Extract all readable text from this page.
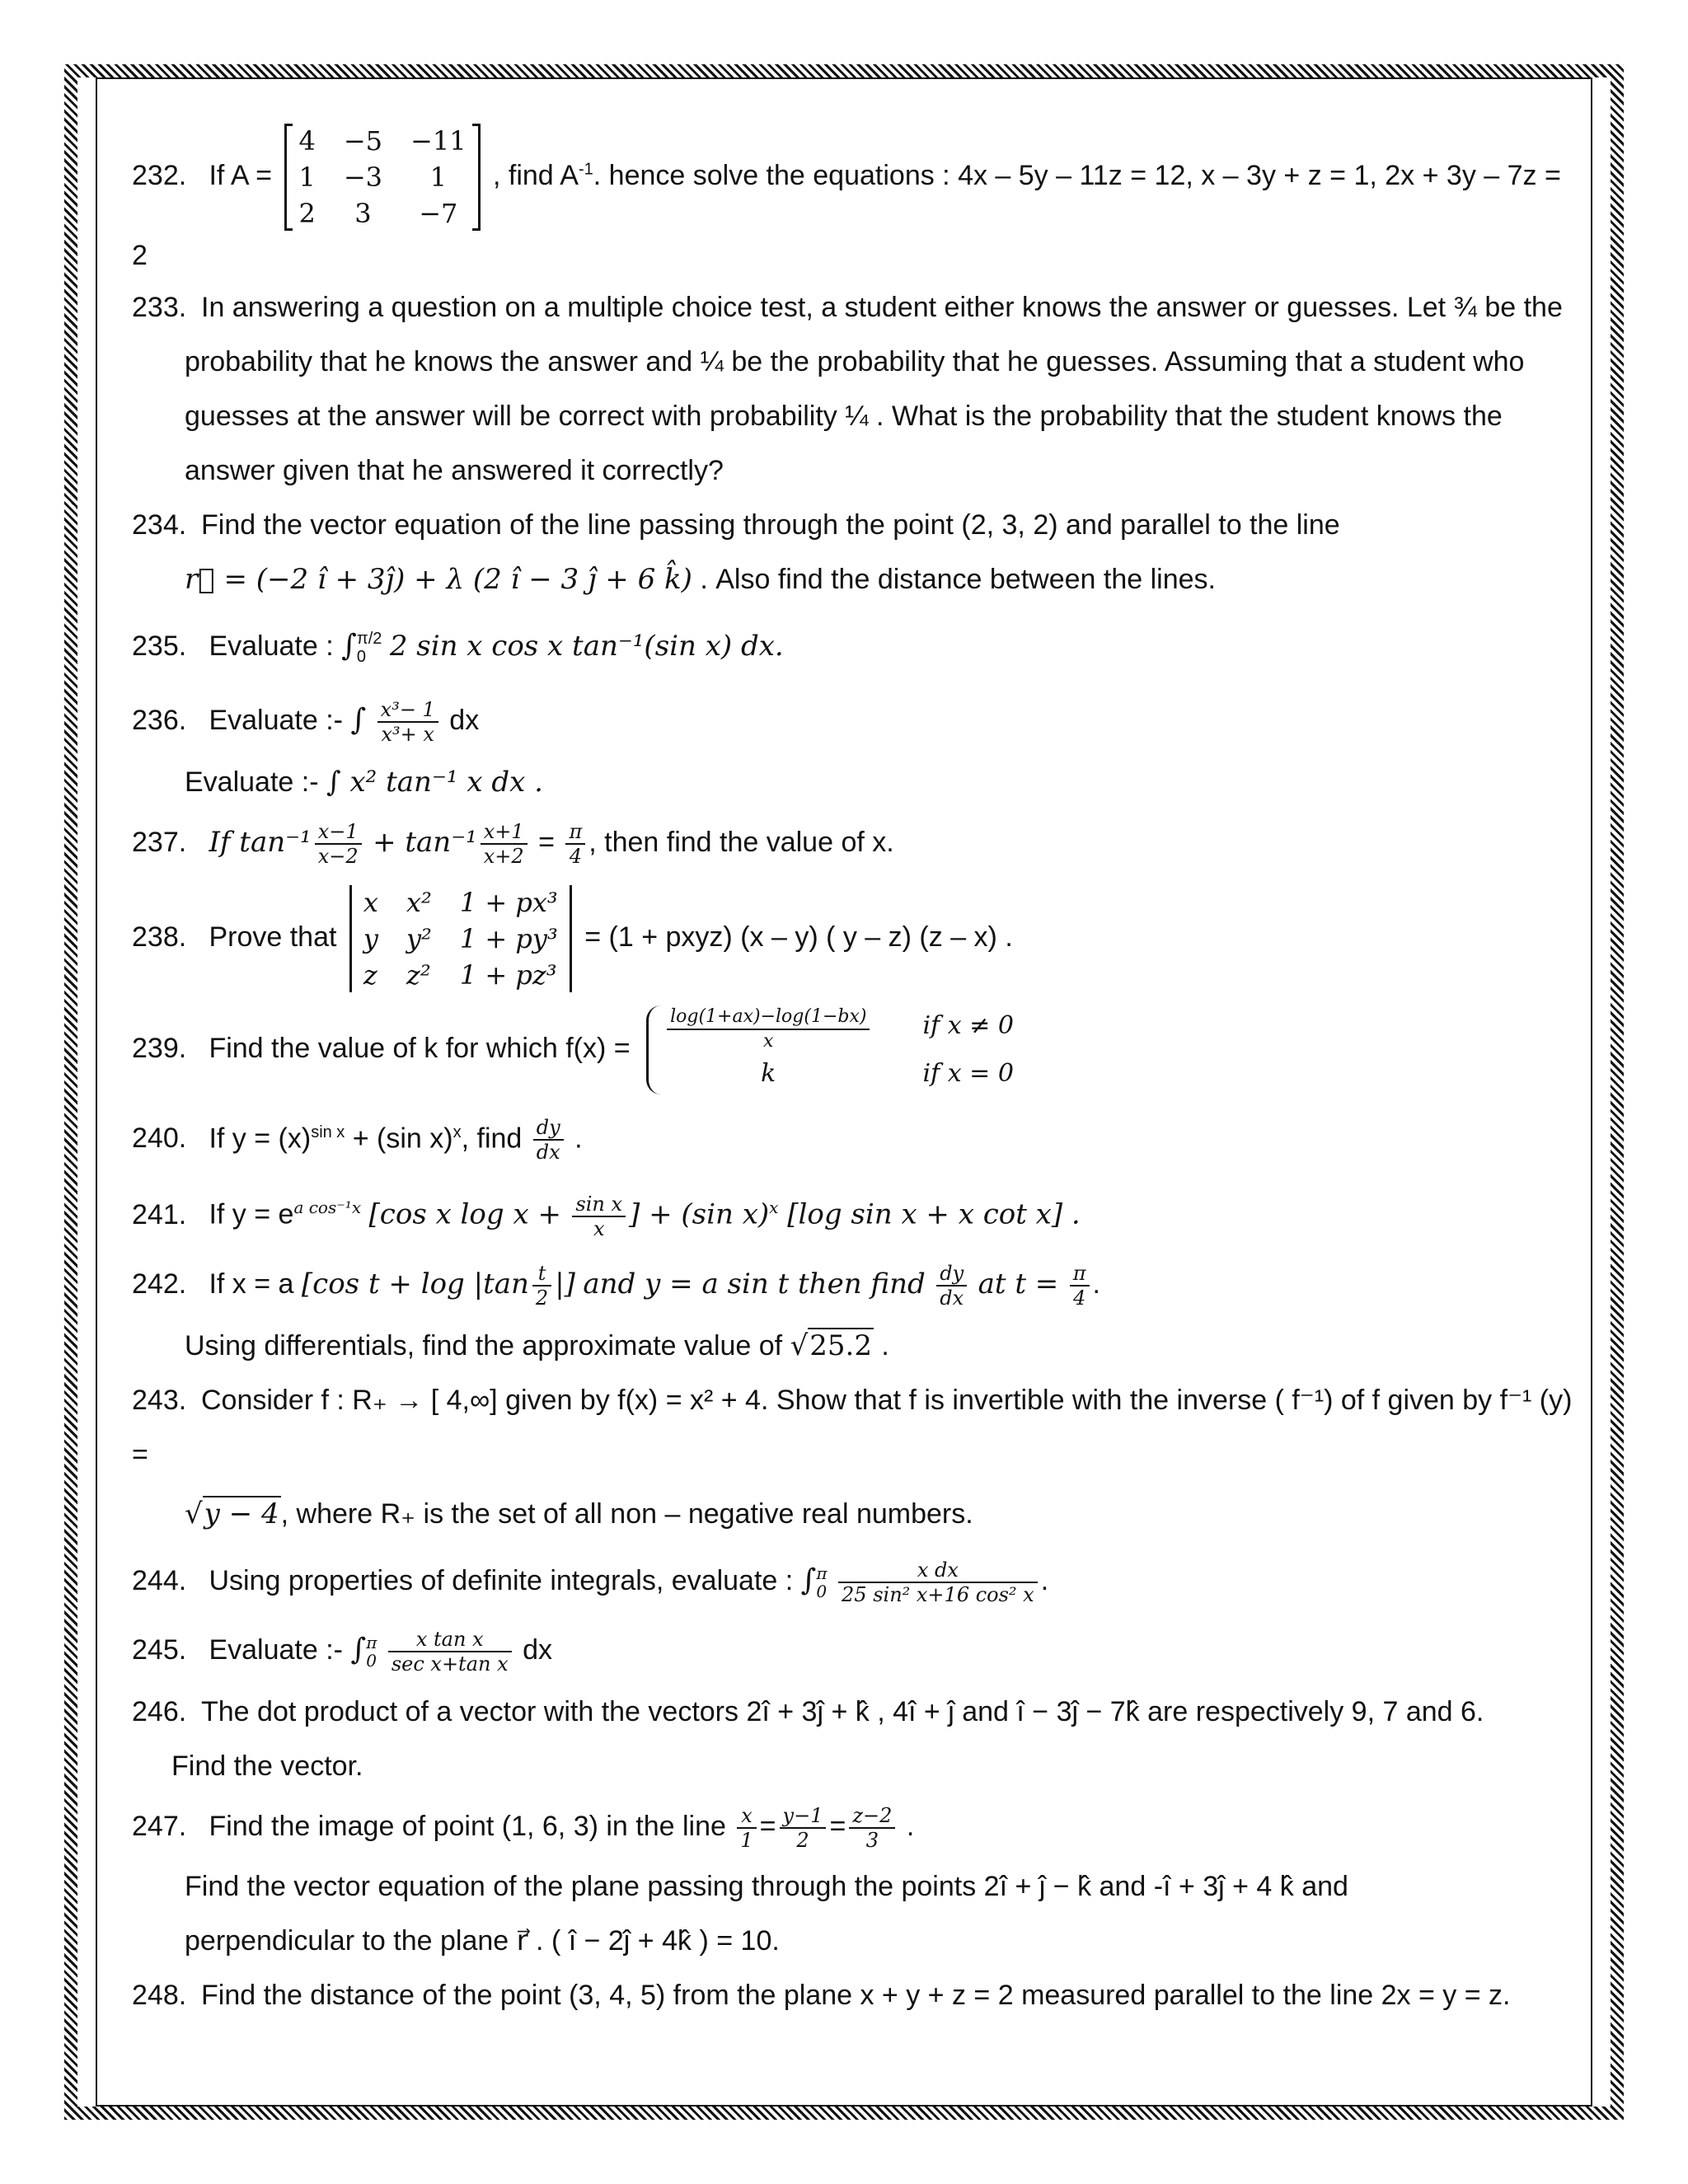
232. If A =
4 −5 −11
1 −3	1
2	3	−7
, find $A^{-1}$. hence solve the equations : 4x – 5y – 11z = 12, x – 3y + z = 1, 2x + 3y – 7z = 2
233. In answering a question on a multiple choice test, a student either knows the answer or guesses. Let ¾ be the
probability that he knows the answer and ¼ be the probability that he guesses. Assuming that a student who
guesses at the answer will be correct with probability ¼ . What is the probability that the student knows the
answer given that he answered it correctly?
234. Find the vector equation of the line passing through the point (2, 3, 2) and parallel to the line
r⃗ = (−2 î + 3ĵ) + λ (2 î − 3 ĵ + 6 k̂) . Also find the distance between the lines.
235. Evaluate : ∫π/2
0 2 sin x cos x tan⁻¹(sin x) dx.
236. Evaluate :- ∫ $\frac{\text{x³− 1}}{\text{x³+ x}}$ dx
Evaluate :- ∫ x² tan⁻¹ x dx .
237. If $\tan^{-1} \frac{x-1}{x-2} + \tan^{-1} \frac{x+1}{x+2} = \frac{\pi}{4}$ , then find the value of x.
238. Prove that
x x² 1 + px³
y y² 1 + py³
z z² 1 + pz³
= (1 + pxyz) (x – y) ( y – z) (z – x) .
239. Find the value of k for which $f(x) = \frac{\log(1+ax)-\log(1-bx)}{x}$ if x ≠ 0
k	if x = 0
240. If $y = (x)^{sin x} + (\sin$ x)$^x$, find $\frac{dy}{dx}$ .
241. If $y = e^{a cos^{-1}x}$ [cos x $\log x + \frac{\text{sin x}}{x}$ ] + (sin x)$^x$ [log sin x + x cot x] .
242. If x = a [cos $t + \log |\tan \frac{t}{2}$ |] and y = a sin t then find $\frac{dy}{dx}$ at $t = \frac{\pi}{4}$ .
Using differentials, find the approximate value of √25.2 .
243. Consider f : R₊ → [ 4,∞] given by f(x) = x² + 4. Show that f is invertible with the inverse ( f⁻¹) of f given by f⁻¹ (y) =
√y − 4, where R₊ is the set of all non – negative real numbers.
244. Using properties of definite integrals, evaluate : ∫π
$0 \frac{\text{x dx}}{\text{25 sin² x+16 cos² x}}$ .
245. Evaluate :- ∫π
$0 \frac{\text{x tan x}}{\text{sec x+tan x}}$ dx
246. The dot product of a vector with the vectors 2î + 3ĵ + k̂ , 4î + ĵ and î − 3ĵ − 7k̂ are respectively 9, 7 and 6.
Find the vector.
247. Find the image of point (1, 6, 3) in the line $\frac{x}{1} = \frac{y-1}{2} = \frac{z-2}{3}$ .
Find the vector equation of the plane passing through the points 2î + ĵ − k̂ and -î + 3ĵ + 4 k̂ and
perpendicular to the plane r⃗ . ( î − 2ĵ + 4k̂ ) = 10.
248. Find the distance of the point (3, 4, 5) from the plane x + y + z = 2 measured parallel to the line 2x = y = z.
